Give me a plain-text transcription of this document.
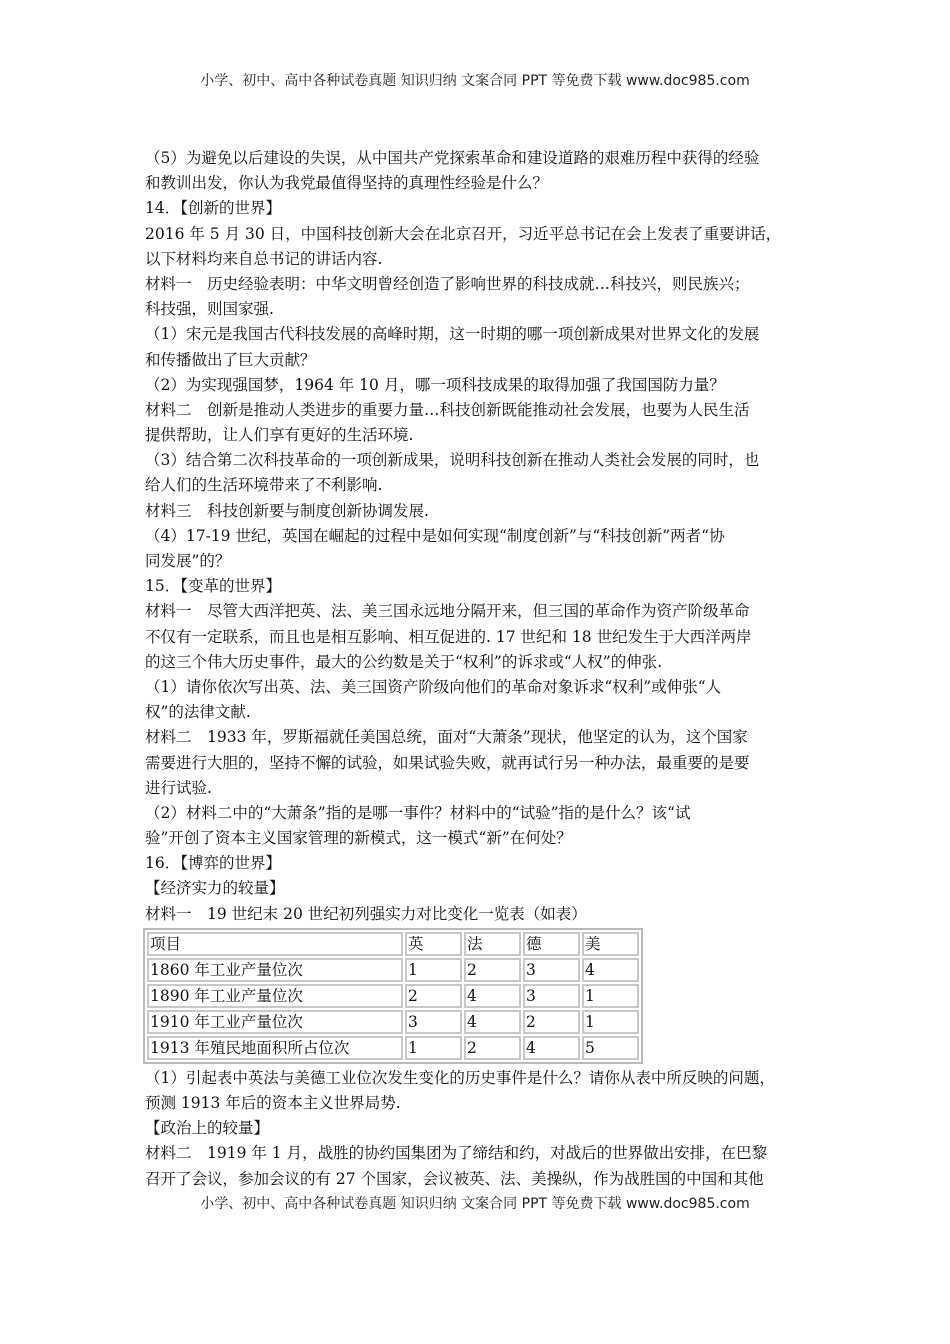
小学、初中、高中各种试卷真题 知识归纳 文案合同 PPT 等免费下载 www.doc985.com
（5）为避免以后建设的失误，从中国共产党探索革命和建设道路的艰难历程中获得的经验
和教训出发，你认为我党最值得坚持的真理性经验是什么？
14．【创新的世界】
2016 年 5 月 30 日，中国科技创新大会在北京召开，习近平总书记在会上发表了重要讲话，
以下材料均来自总书记的讲话内容.
材料一　历史经验表明：中华文明曾经创造了影响世界的科技成就…科技兴，则民族兴；
科技强，则国家强.
（1）宋元是我国古代科技发展的高峰时期，这一时期的哪一项创新成果对世界文化的发展
和传播做出了巨大贡献？
（2）为实现强国梦，1964 年 10 月，哪一项科技成果的取得加强了我国国防力量？
材料二　创新是推动人类进步的重要力量…科技创新既能推动社会发展，也要为人民生活
提供帮助，让人们享有更好的生活环境.
（3）结合第二次科技革命的一项创新成果，说明科技创新在推动人类社会发展的同时，也
给人们的生活环境带来了不利影响.
材料三　科技创新要与制度创新协调发展.
（4）17-19 世纪，英国在崛起的过程中是如何实现“制度创新”与“科技创新”两者“协
同发展”的？
15．【变革的世界】
材料一　尽管大西洋把英、法、美三国永远地分隔开来，但三国的革命作为资产阶级革命
不仅有一定联系，而且也是相互影响、相互促进的. 17 世纪和 18 世纪发生于大西洋两岸
的这三个伟大历史事件，最大的公约数是关于“权利”的诉求或“人权”的伸张.
（1）请你依次写出英、法、美三国资产阶级向他们的革命对象诉求“权利”或伸张“人
权”的法律文献.
材料二　1933 年，罗斯福就任美国总统，面对“大萧条”现状，他坚定的认为，这个国家
需要进行大胆的，坚持不懈的试验，如果试验失败，就再试行另一种办法，最重要的是要
进行试验.
（2）材料二中的“大萧条”指的是哪一事件？材料中的“试验”指的是什么？该“试
验”开创了资本主义国家管理的新模式，这一模式“新”在何处？
16．【博弈的世界】
【经济实力的较量】
材料一　19 世纪末 20 世纪初列强实力对比变化一览表（如表）
项目	英	法	德	美
1860 年工业产量位次	1	2	3	4
1890 年工业产量位次	2	4	3	1
1910 年工业产量位次	3	4	2	1
1913 年殖民地面积所占位次	1	2	4	5
（1）引起表中英法与美德工业位次发生变化的历史事件是什么？请你从表中所反映的问题，
预测 1913 年后的资本主义世界局势.
【政治上的较量】
材料二　1919 年 1 月，战胜的协约国集团为了缔结和约，对战后的世界做出安排，在巴黎
召开了会议，参加会议的有 27 个国家，会议被英、法、美操纵，作为战胜国的中国和其他
小学、初中、高中各种试卷真题 知识归纳 文案合同 PPT 等免费下载 www.doc985.com
